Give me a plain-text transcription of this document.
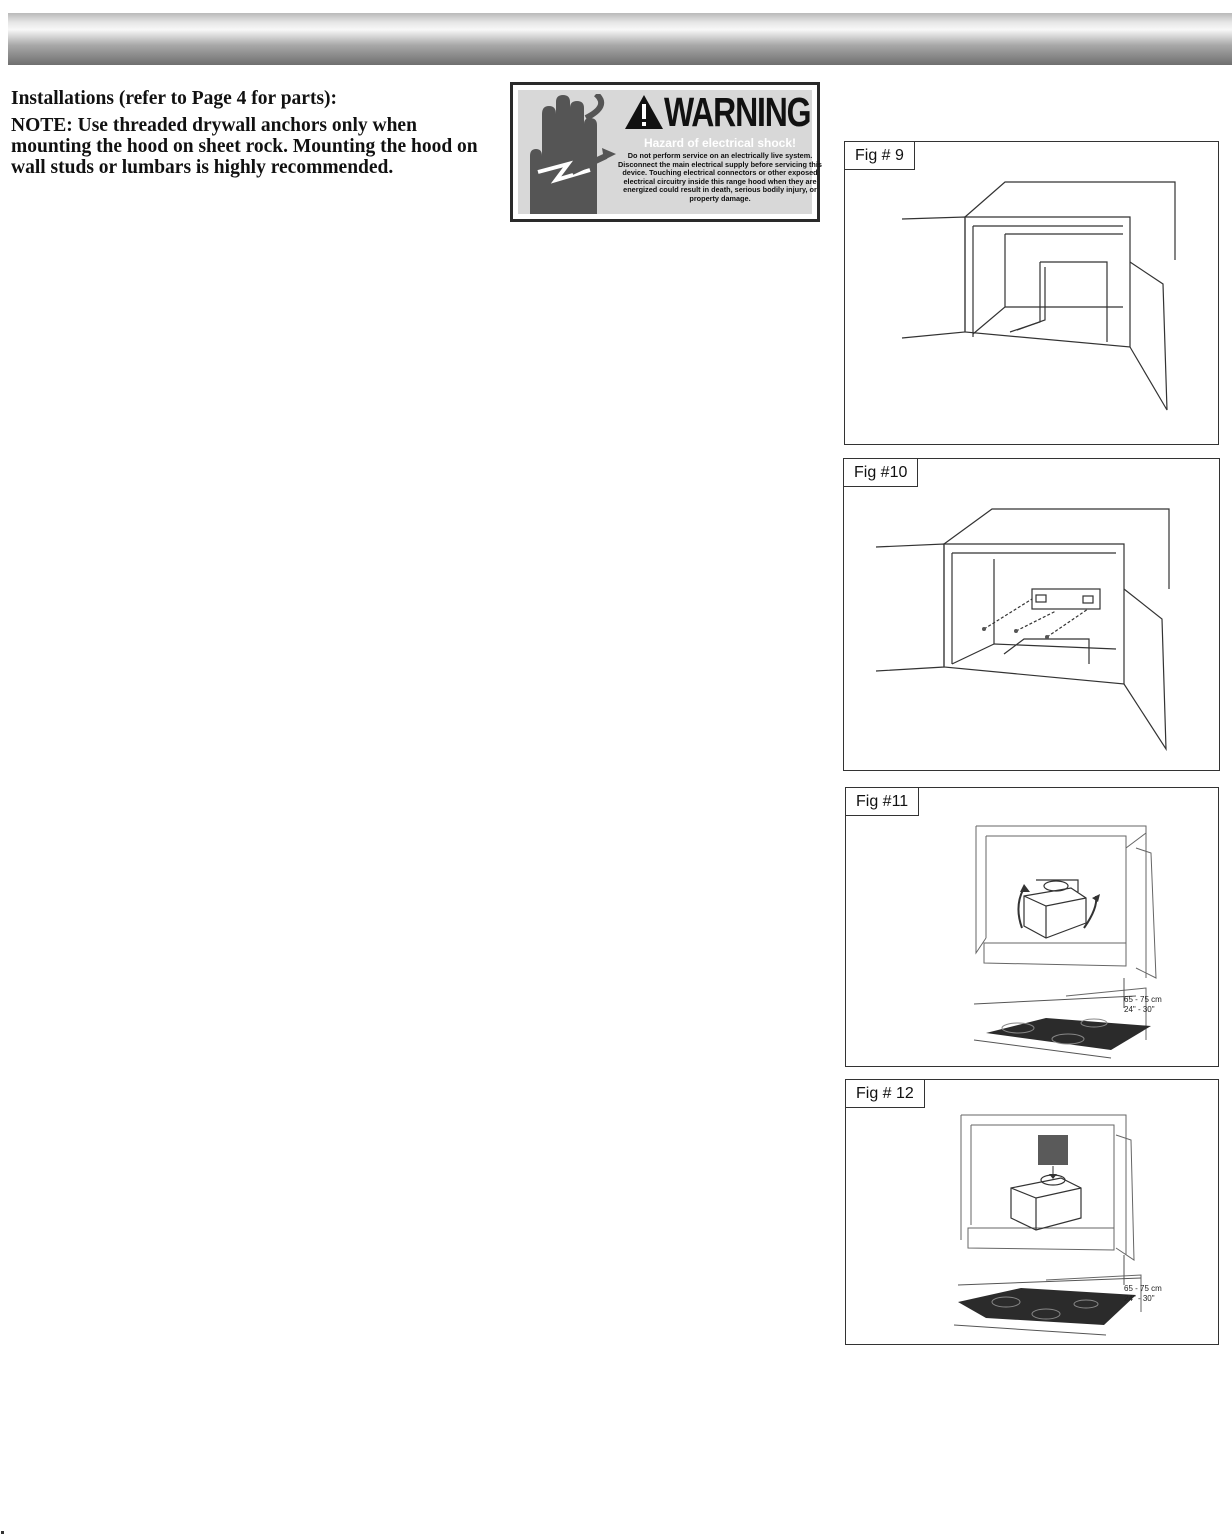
Installations (refer to Page 4 for parts):

NOTE: Use threaded drywall anchors only when mounting the hood on sheet rock. Mounting the hood on wall studs or lumbars is highly recommended.

WARNING
Hazard of electrical shock!
Do not perform service on an electrically live system. Disconnect the main electrical supply before servicing this device. Touching electrical connectors or other exposed electrical circuitry inside this range hood when they are energized could result in death, serious bodily injury, or property damage.
Fig # 9
Fig #10
65 - 75 cm
24" - 30"
Fig #11
65 - 75 cm
24" - 30"
Fig # 12
